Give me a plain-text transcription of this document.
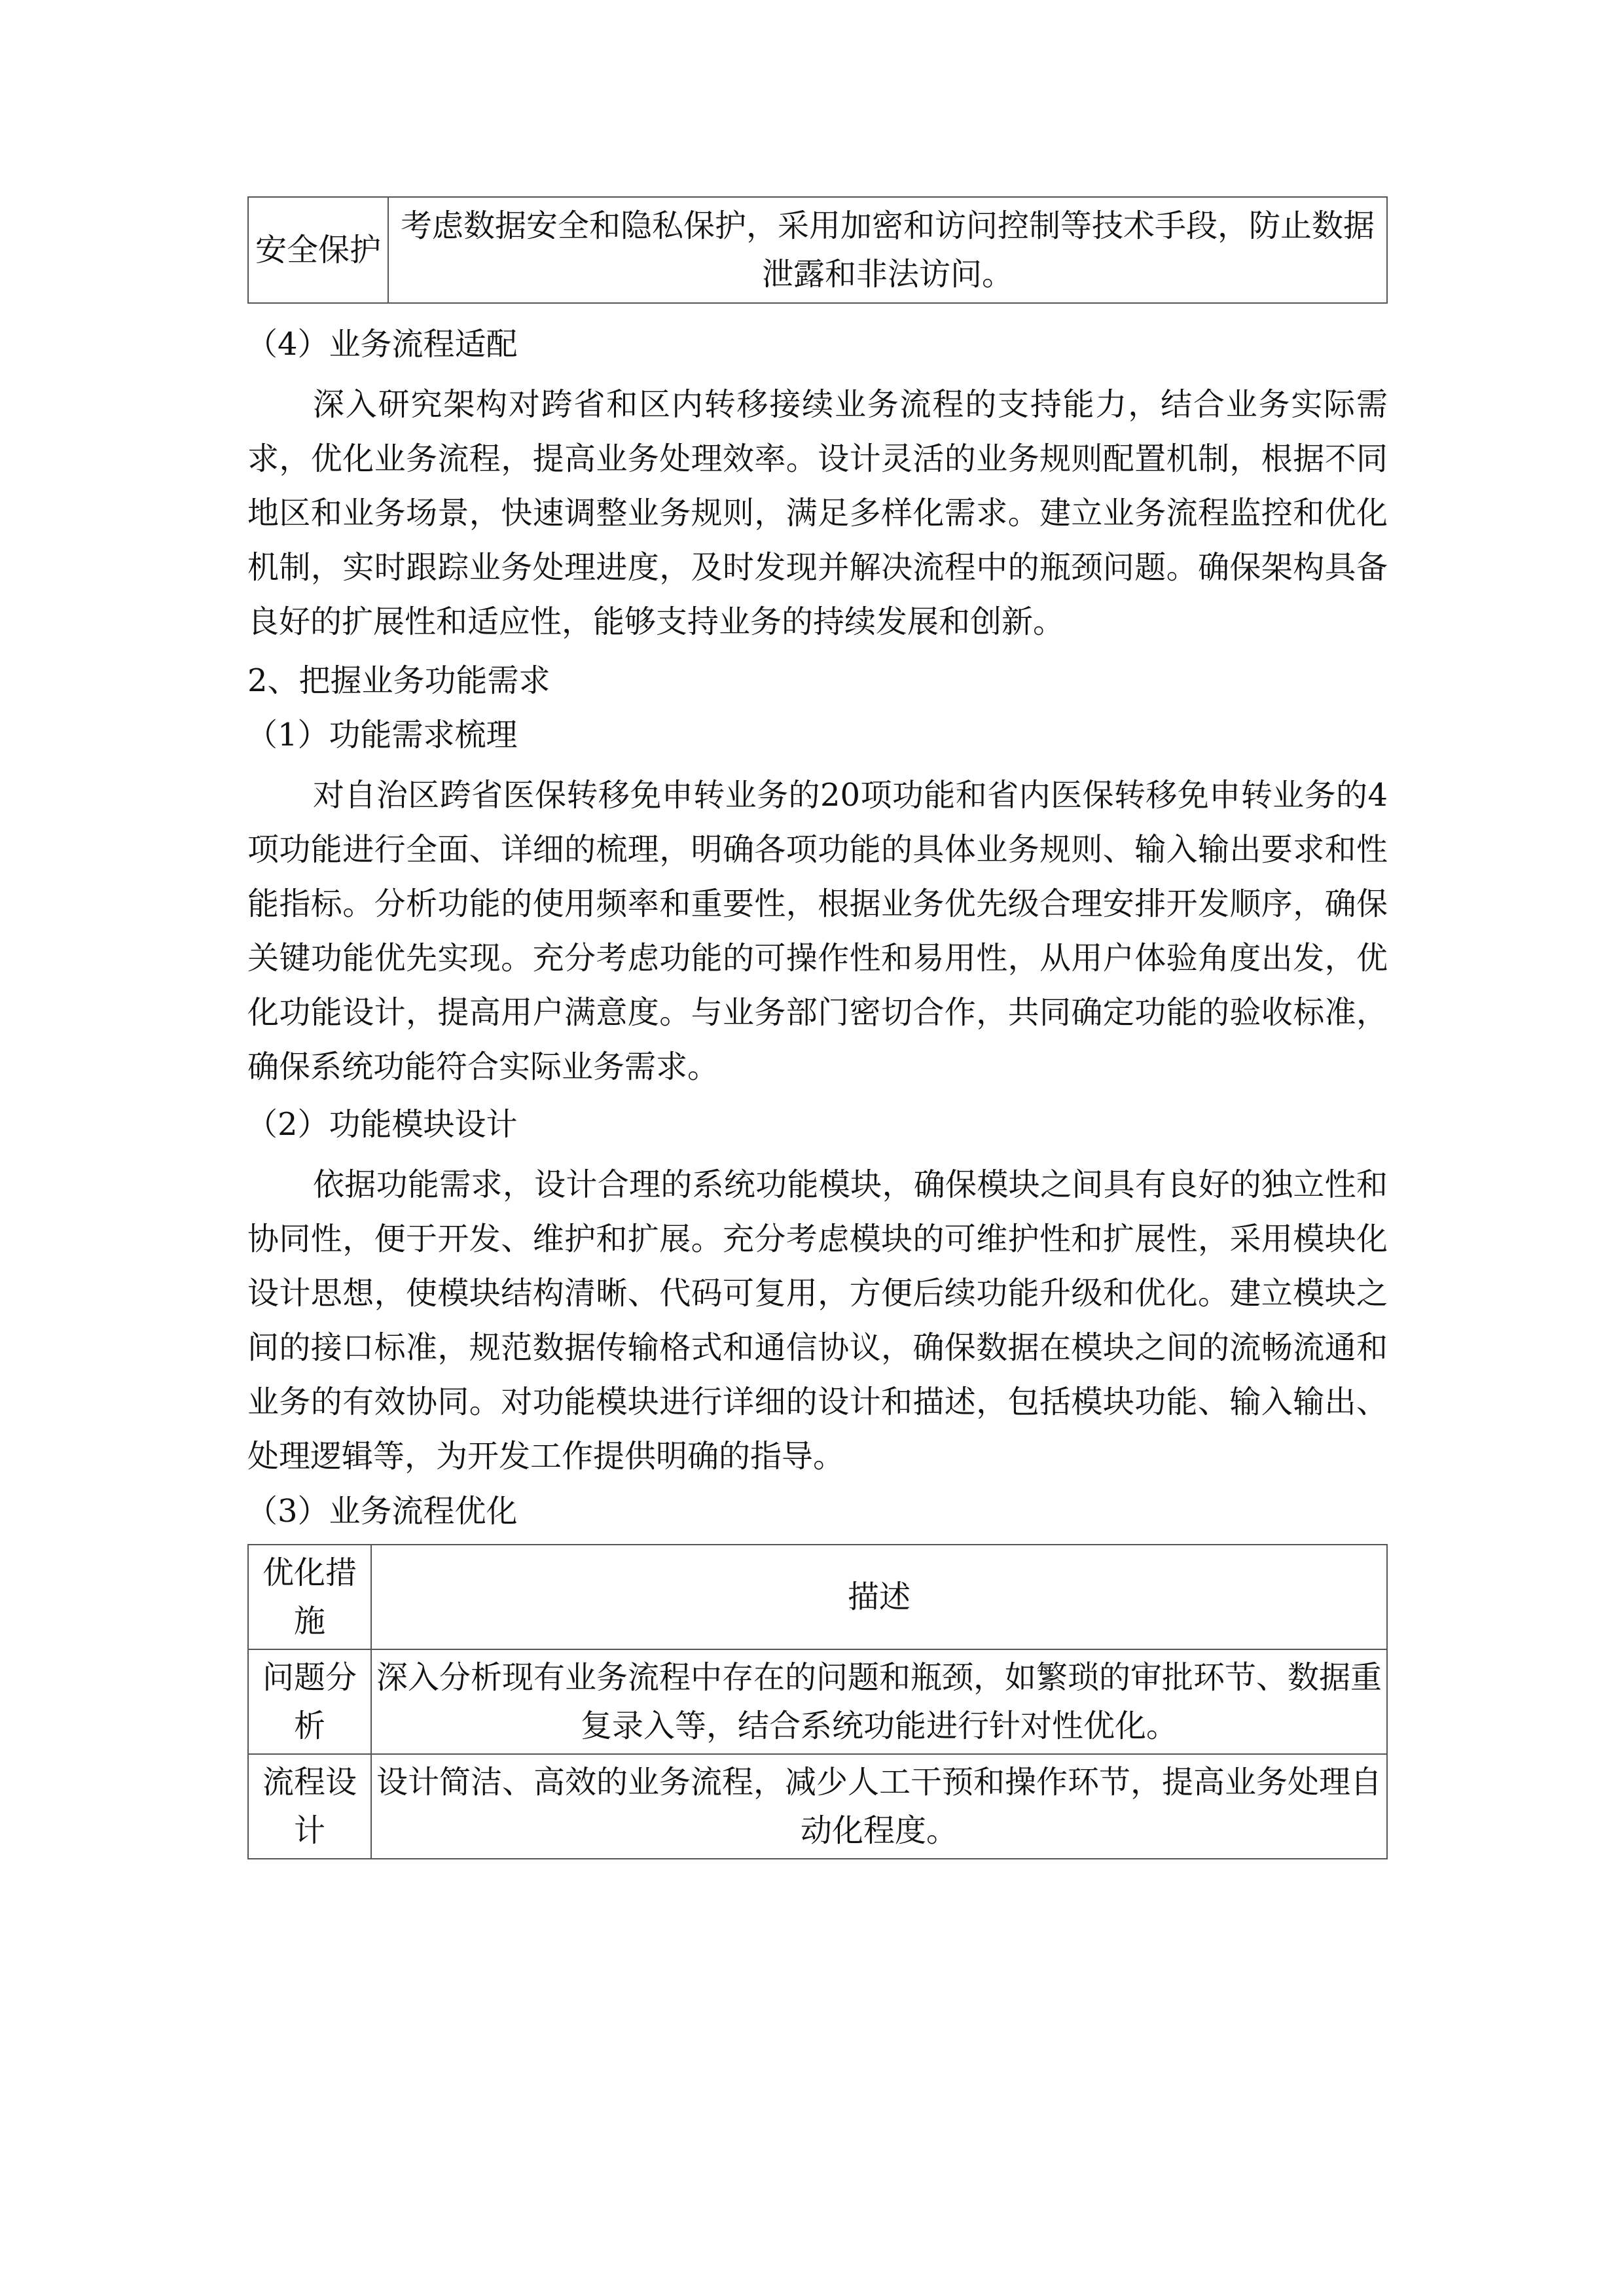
安全保护	考虑数据安全和隐私保护，采用加密和访问控制等技术手段，防止数据泄露和非法访问。
（4）业务流程适配

深入研究架构对跨省和区内转移接续业务流程的支持能力，结合业务实际需求，优化业务流程，提高业务处理效率。设计灵活的业务规则配置机制，根据不同地区和业务场景，快速调整业务规则，满足多样化需求。建立业务流程监控和优化机制，实时跟踪业务处理进度，及时发现并解决流程中的瓶颈问题。确保架构具备良好的扩展性和适应性，能够支持业务的持续发展和创新。

2、把握业务功能需求
（1）功能需求梳理

对自治区跨省医保转移免申转业务的20项功能和省内医保转移免申转业务的4项功能进行全面、详细的梳理，明确各项功能的具体业务规则、输入输出要求和性能指标。分析功能的使用频率和重要性，根据业务优先级合理安排开发顺序，确保关键功能优先实现。充分考虑功能的可操作性和易用性，从用户体验角度出发，优化功能设计，提高用户满意度。与业务部门密切合作，共同确定功能的验收标准，确保系统功能符合实际业务需求。

（2）功能模块设计

依据功能需求，设计合理的系统功能模块，确保模块之间具有良好的独立性和协同性，便于开发、维护和扩展。充分考虑模块的可维护性和扩展性，采用模块化设计思想，使模块结构清晰、代码可复用，方便后续功能升级和优化。建立模块之间的接口标准，规范数据传输格式和通信协议，确保数据在模块之间的流畅流通和业务的有效协同。对功能模块进行详细的设计和描述，包括模块功能、输入输出、处理逻辑等，为开发工作提供明确的指导。

（3）业务流程优化
优化措施	描述
问题分析	深入分析现有业务流程中存在的问题和瓶颈，如繁琐的审批环节、数据重复录入等，结合系统功能进行针对性优化。
流程设计	设计简洁、高效的业务流程，减少人工干预和操作环节，提高业务处理自动化程度。
